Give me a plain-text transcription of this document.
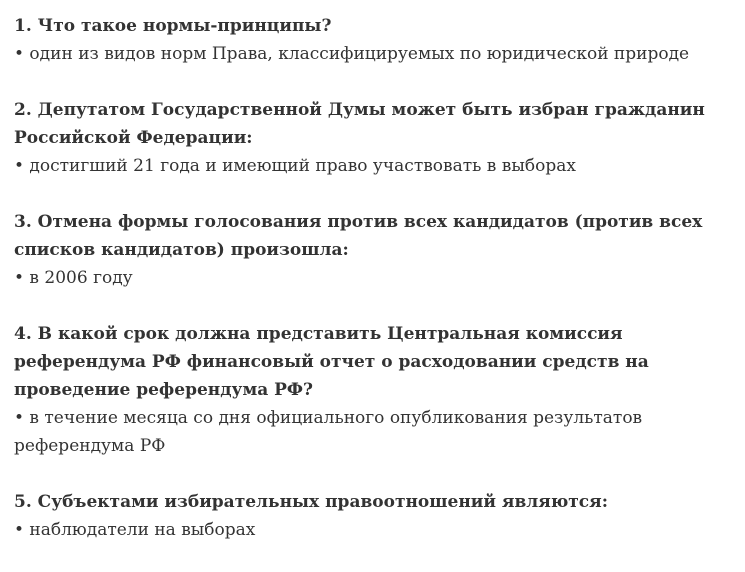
1. Что такое нормы-принципы?

• один из видов норм Права, классифицируемых по юридической природе

2. Депутатом Государственной Думы может быть избран гражданин Российской Федерации:

• достигший 21 года и имеющий право участвовать в выборах

3. Отмена формы голосования против всех кандидатов (против всех списков кандидатов) произошла:

• в 2006 году

4. В какой срок должна представить Центральная комиссия референдума РФ финансовый отчет о расходовании средств на проведение референдума РФ?

• в течение месяца со дня официального опубликования результатов референдума РФ

5. Субъектами избирательных правоотношений являются:

• наблюдатели на выборах
